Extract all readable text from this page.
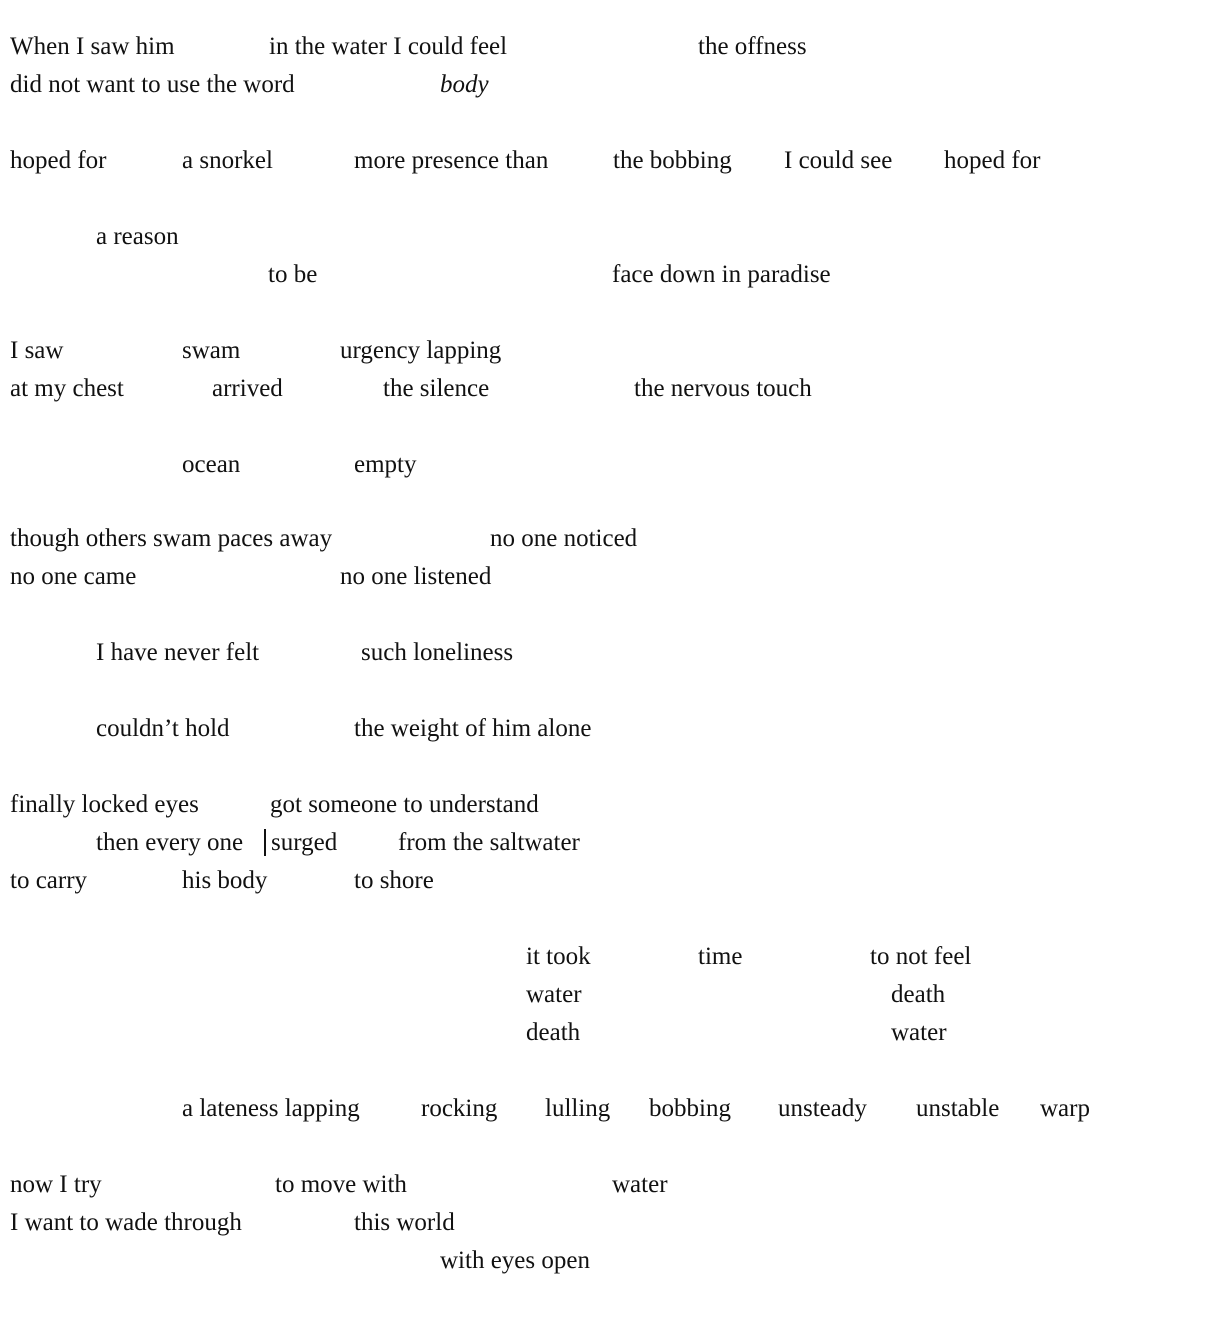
When I saw him	in the water I could feel	the offness
did not want to use the word	body
hoped for	a snorkel	more presence than	the bobbing I could see hoped for
a reason
to be	face down in paradise
I saw	swam	urgency lapping
at my chest	arrived	the silence	the nervous touch
ocean	empty
though others swam paces away	no one noticed
no one came	no one listened
I have never felt	such loneliness
couldn’t hold	the weight of him alone
finally locked eyes	got someone to understand
then every one surged from the saltwater
to carry	his body	to shore
it took	time	to not feel
water	death
death	water
a lateness lapping rocking lulling bobbing unsteady unstable warp
now I try	to move with	water
I want to wade through	this world
with eyes open
